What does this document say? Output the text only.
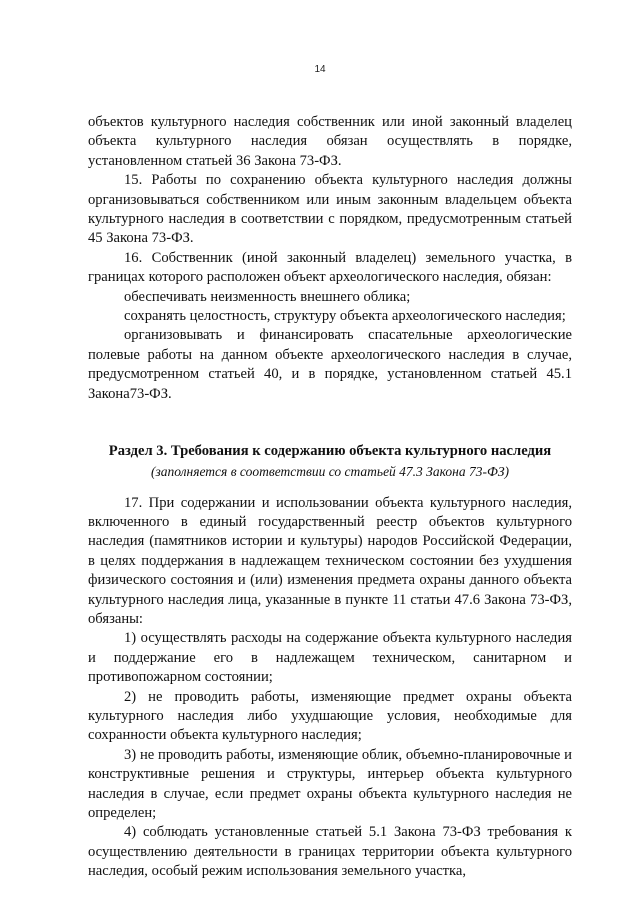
14

объектов культурного наследия собственник или иной законный владелец объекта культурного наследия обязан осуществлять в порядке, установленном статьей 36 Закона 73-ФЗ.

15. Работы по сохранению объекта культурного наследия должны организовываться собственником или иным законным владельцем объекта культурного наследия в соответствии с порядком, предусмотренным статьей 45 Закона 73-ФЗ.

16. Собственник (иной законный владелец) земельного участка, в границах которого расположен объект археологического наследия, обязан:

обеспечивать неизменность внешнего облика;

сохранять целостность, структуру объекта археологического наследия;

организовывать и финансировать спасательные археологические полевые работы на данном объекте археологического наследия в случае, предусмотренном статьей 40, и в порядке, установленном статьей 45.1 Закона73-ФЗ.

Раздел 3. Требования к содержанию объекта культурного наследия

(заполняется в соответствии со статьей 47.3 Закона 73-ФЗ)

17. При содержании и использовании объекта культурного наследия, включенного в единый государственный реестр объектов культурного наследия (памятников истории и культуры) народов Российской Федерации, в целях поддержания в надлежащем техническом состоянии без ухудшения физического состояния и (или) изменения предмета охраны данного объекта культурного наследия лица, указанные в пункте 11 статьи 47.6 Закона 73-ФЗ, обязаны:

1) осуществлять расходы на содержание объекта культурного наследия и поддержание его в надлежащем техническом, санитарном и противопожарном состоянии;

2) не проводить работы, изменяющие предмет охраны объекта культурного наследия либо ухудшающие условия, необходимые для сохранности объекта культурного наследия;

3) не проводить работы, изменяющие облик, объемно-планировочные и конструктивные решения и структуры, интерьер объекта культурного наследия в случае, если предмет охраны объекта культурного наследия не определен;

4) соблюдать установленные статьей 5.1 Закона 73-ФЗ требования к осуществлению деятельности в границах территории объекта культурного наследия, особый режим использования земельного участка,
